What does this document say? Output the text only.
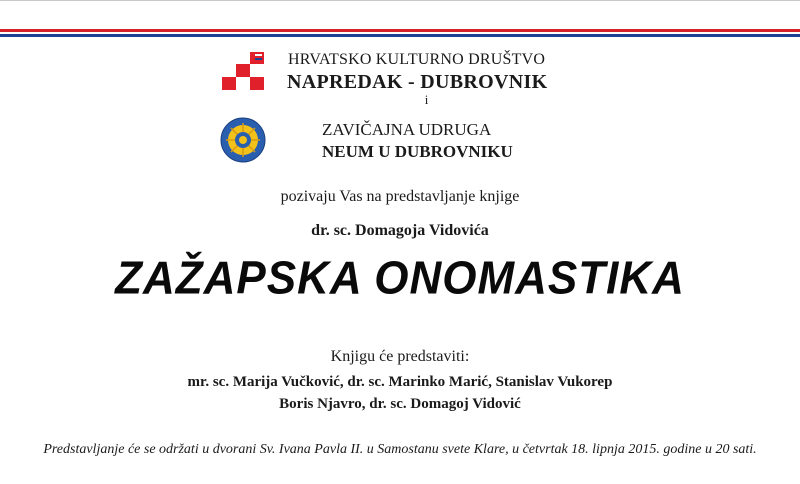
HRVATSKO KULTURNO DRUŠTVO
NAPREDAK - DUBROVNIK
i
ZAVIČAJNA UDRUGA
NEUM U DUBROVNIKU
pozivaju Vas na predstavljanje knjige
dr. sc. Domagoja Vidovića
ZAŽAPSKA ONOMASTIKA
Knjigu će predstaviti:
mr. sc. Marija Vučković, dr. sc. Marinko Marić, Stanislav Vukorep
Boris Njavro, dr. sc. Domagoj Vidović
Predstavljanje će se održati u dvorani Sv. Ivana Pavla II. u Samostanu svete Klare, u četvrtak 18. lipnja 2015. godine u 20 sati.
